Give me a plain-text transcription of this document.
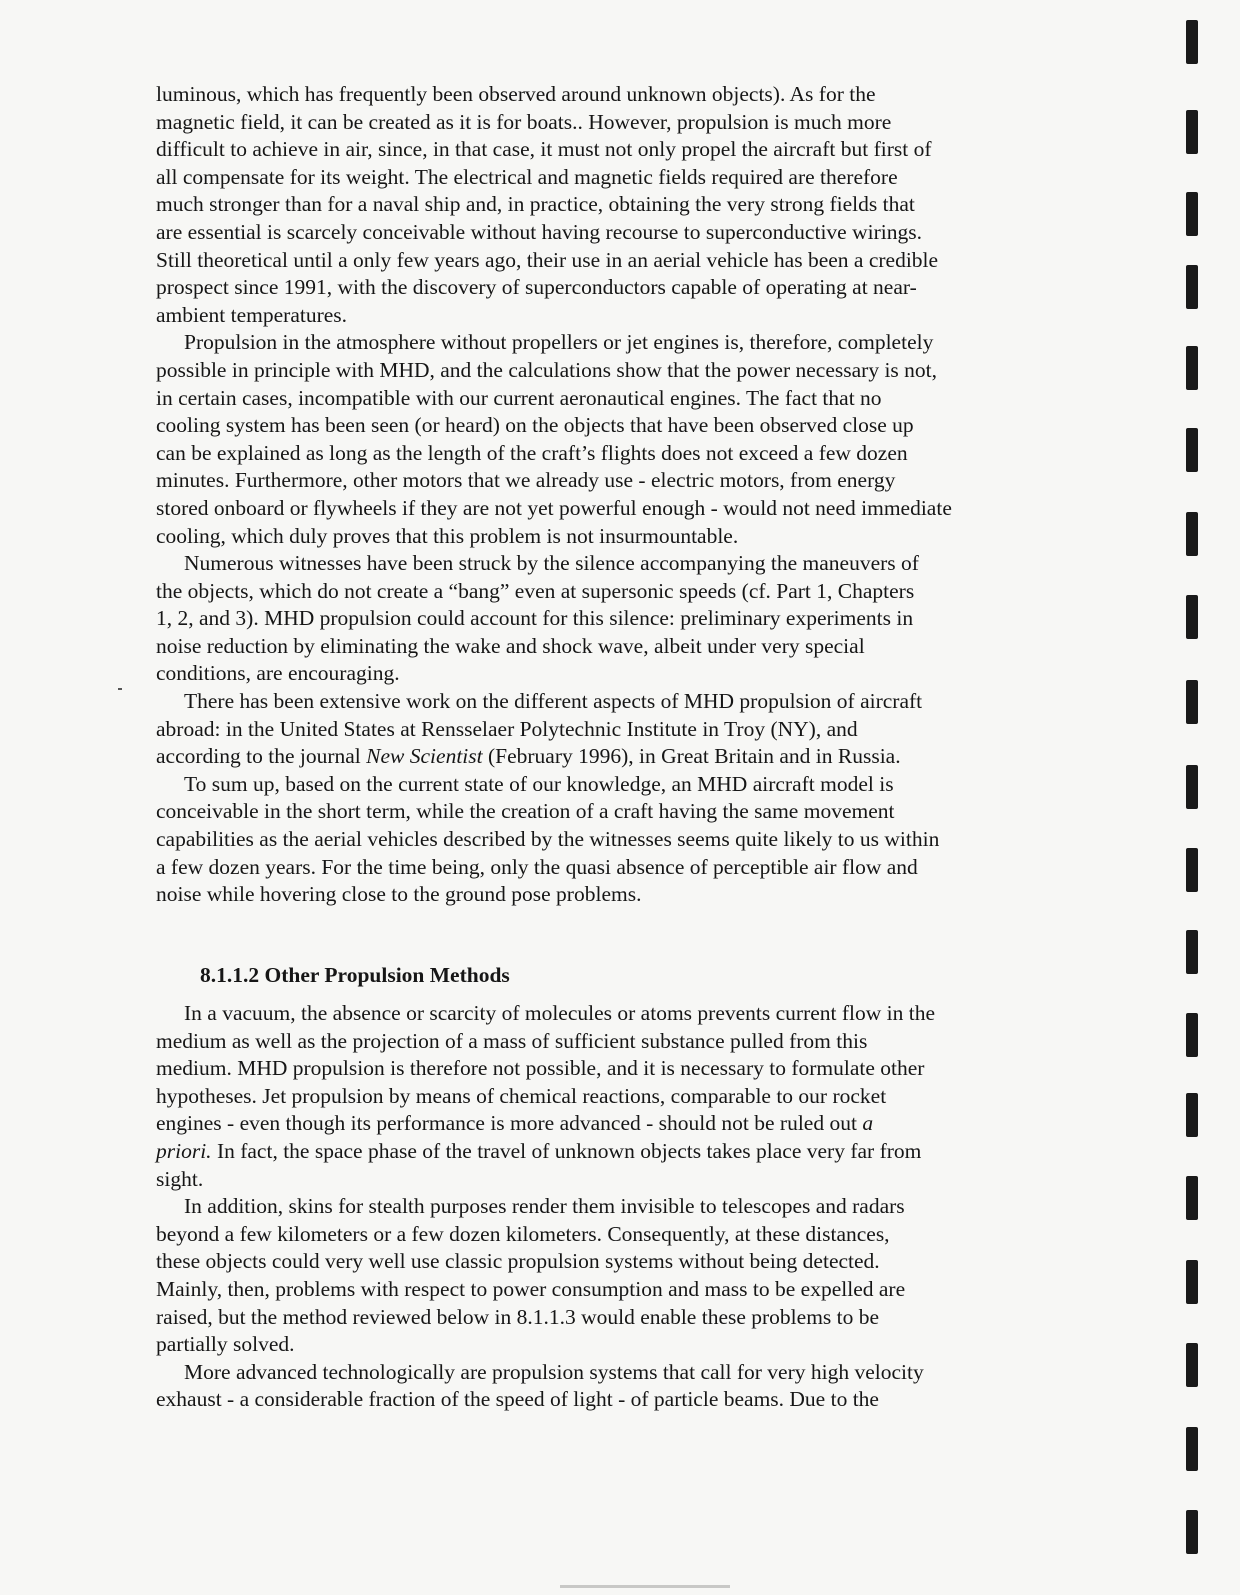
luminous, which has frequently been observed around unknown objects). As for the
magnetic field, it can be created as it is for boats.. However, propulsion is much more
difficult to achieve in air, since, in that case, it must not only propel the aircraft but first of
all compensate for its weight. The electrical and magnetic fields required are therefore
much stronger than for a naval ship and, in practice, obtaining the very strong fields that
are essential is scarcely conceivable without having recourse to superconductive wirings.
Still theoretical until a only few years ago, their use in an aerial vehicle has been a credible
prospect since 1991, with the discovery of superconductors capable of operating at near-
ambient temperatures.
Propulsion in the atmosphere without propellers or jet engines is, therefore, completely
possible in principle with MHD, and the calculations show that the power necessary is not,
in certain cases, incompatible with our current aeronautical engines. The fact that no
cooling system has been seen (or heard) on the objects that have been observed close up
can be explained as long as the length of the craft’s flights does not exceed a few dozen
minutes. Furthermore, other motors that we already use - electric motors, from energy
stored onboard or flywheels if they are not yet powerful enough - would not need immediate
cooling, which duly proves that this problem is not insurmountable.
Numerous witnesses have been struck by the silence accompanying the maneuvers of
the objects, which do not create a “bang” even at supersonic speeds (cf. Part 1, Chapters
1, 2, and 3). MHD propulsion could account for this silence: preliminary experiments in
noise reduction by eliminating the wake and shock wave, albeit under very special
conditions, are encouraging.
There has been extensive work on the different aspects of MHD propulsion of aircraft
abroad: in the United States at Rensselaer Polytechnic Institute in Troy (NY), and
according to the journal New Scientist (February 1996), in Great Britain and in Russia.
To sum up, based on the current state of our knowledge, an MHD aircraft model is
conceivable in the short term, while the creation of a craft having the same movement
capabilities as the aerial vehicles described by the witnesses seems quite likely to us within
a few dozen years. For the time being, only the quasi absence of perceptible air flow and
noise while hovering close to the ground pose problems.
8.1.1.2 Other Propulsion Methods
In a vacuum, the absence or scarcity of molecules or atoms prevents current flow in the
medium as well as the projection of a mass of sufficient substance pulled from this
medium. MHD propulsion is therefore not possible, and it is necessary to formulate other
hypotheses. Jet propulsion by means of chemical reactions, comparable to our rocket
engines - even though its performance is more advanced - should not be ruled out a
priori. In fact, the space phase of the travel of unknown objects takes place very far from
sight.
In addition, skins for stealth purposes render them invisible to telescopes and radars
beyond a few kilometers or a few dozen kilometers. Consequently, at these distances,
these objects could very well use classic propulsion systems without being detected.
Mainly, then, problems with respect to power consumption and mass to be expelled are
raised, but the method reviewed below in 8.1.1.3 would enable these problems to be
partially solved.
More advanced technologically are propulsion systems that call for very high velocity
exhaust - a considerable fraction of the speed of light - of particle beams. Due to the
